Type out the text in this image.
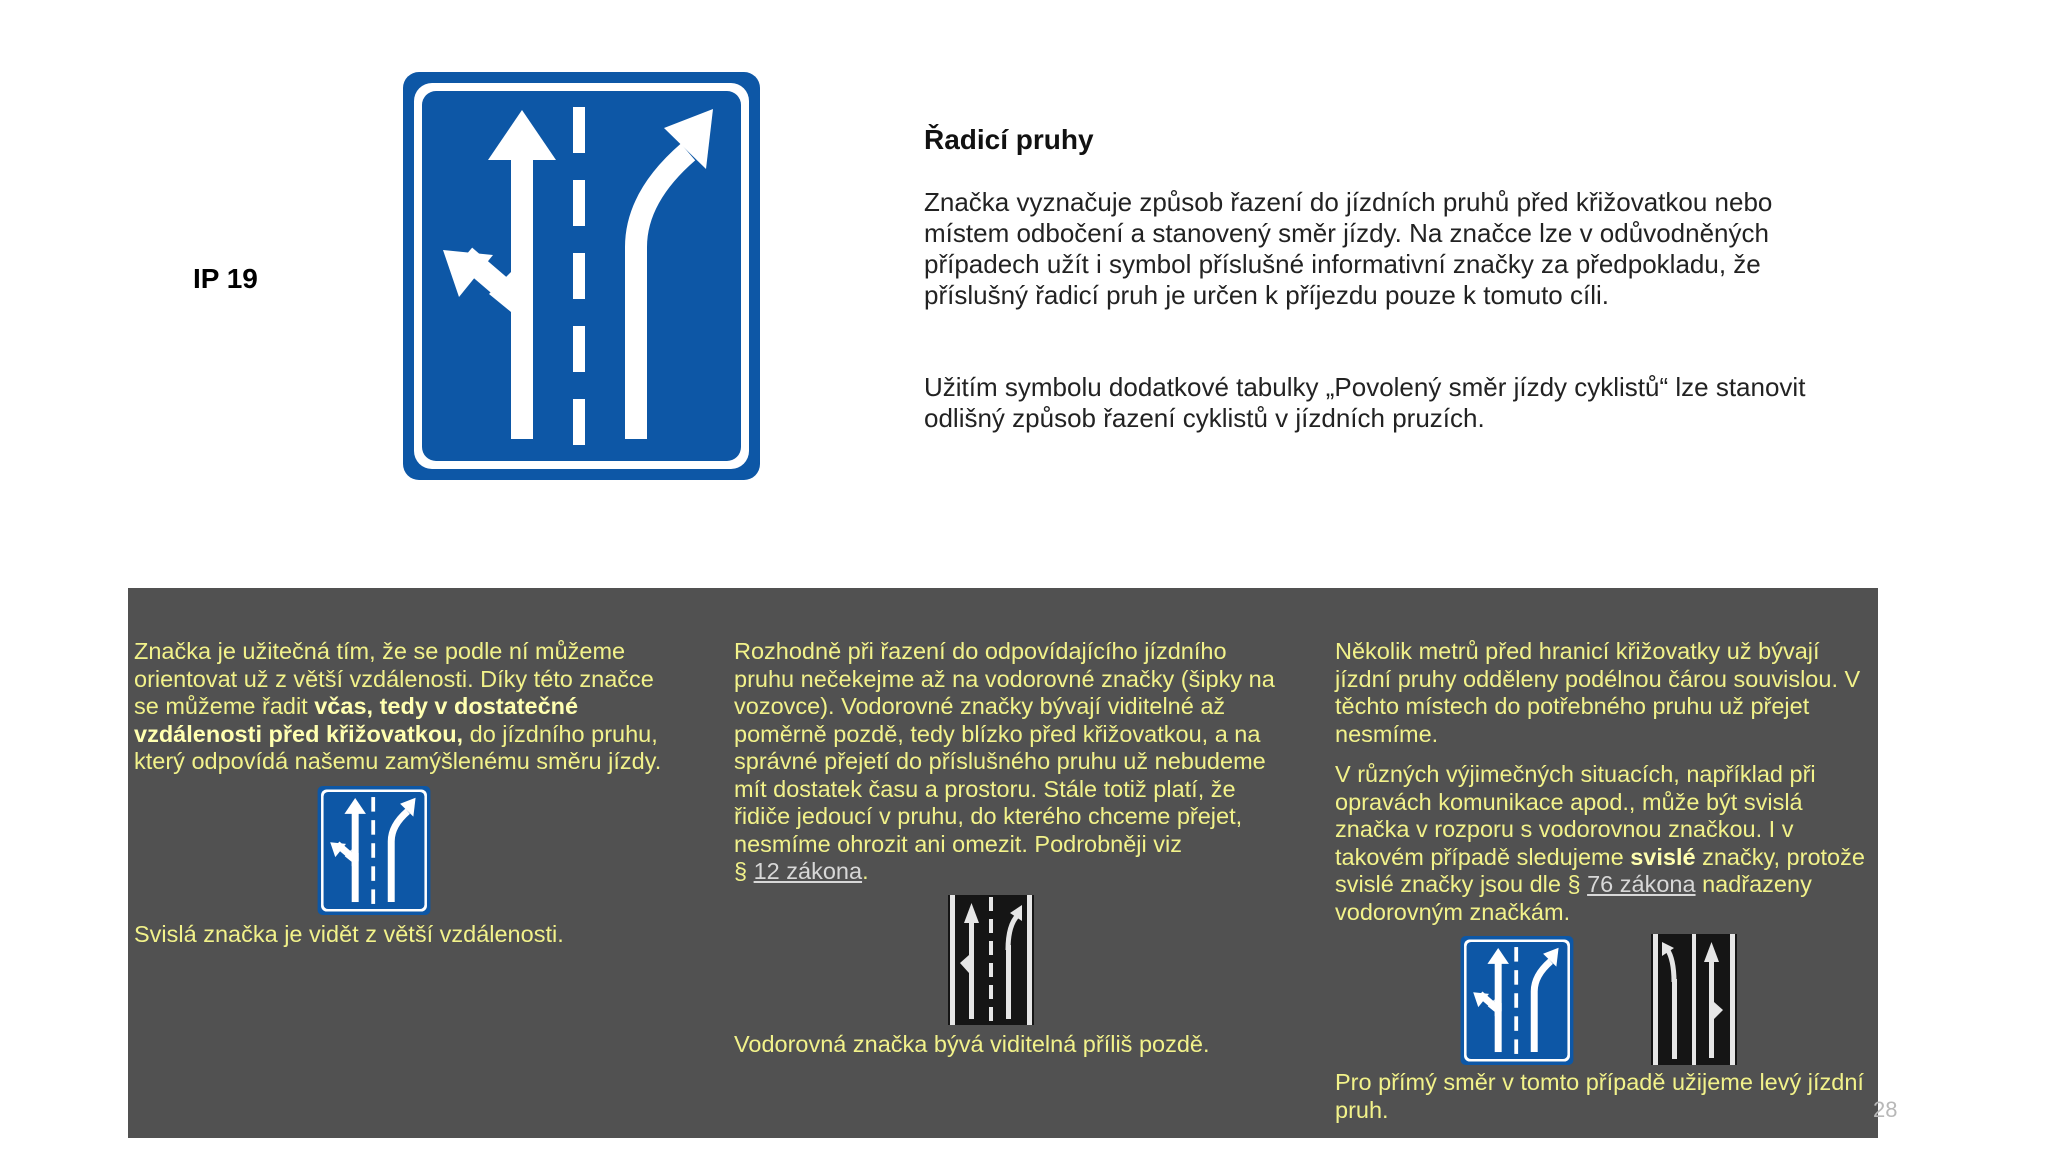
IP 19
Řadicí pruhy
Značka vyznačuje způsob řazení do jízdních pruhů před křižovatkou nebo místem odbočení a stanovený směr jízdy. Na značce lze v odůvodněných případech užít i symbol příslušné informativní značky za předpokladu, že příslušný řadicí pruh je určen k příjezdu pouze k tomuto cíli.
Užitím symbolu dodatkové tabulky „Povolený směr jízdy cyklistů“ lze stanovit odlišný způsob řazení cyklistů v jízdních pruzích.

Značka je užitečná tím, že se podle ní můžeme orientovat už z větší vzdálenosti. Díky této značce se můžeme řadit včas, tedy v dostatečné vzdálenosti před křižovatkou, do jízdního pruhu, který odpovídá našemu zamýšlenému směru jízdy.

Svislá značka je vidět z větší vzdálenosti.

Rozhodně při řazení do odpovídajícího jízdního pruhu nečekejme až na vodorovné značky (šipky na vozovce). Vodorovné značky bývají viditelné až poměrně pozdě, tedy blízko před křižovatkou, a na správné přejetí do příslušného pruhu už nebudeme mít dostatek času a prostoru. Stále totiž platí, že řidiče jedoucí v pruhu, do kterého chceme přejet, nesmíme ohrozit ani omezit. Podrobněji viz
§ 12 zákona.

Vodorovná značka bývá viditelná příliš pozdě.

Několik metrů před hranicí křižovatky už bývají jízdní pruhy odděleny podélnou čárou souvislou. V těchto místech do potřebného pruhu už přejet nesmíme.

V různých výjimečných situacích, například při opravách komunikace apod., může být svislá značka v rozporu s vodorovnou značkou. I v takovém případě sledujeme svislé značky, protože svislé značky jsou dle § 76 zákona nadřazeny vodorovným značkám.

Pro přímý směr v tomto případě užijeme levý jízdní pruh.	28
